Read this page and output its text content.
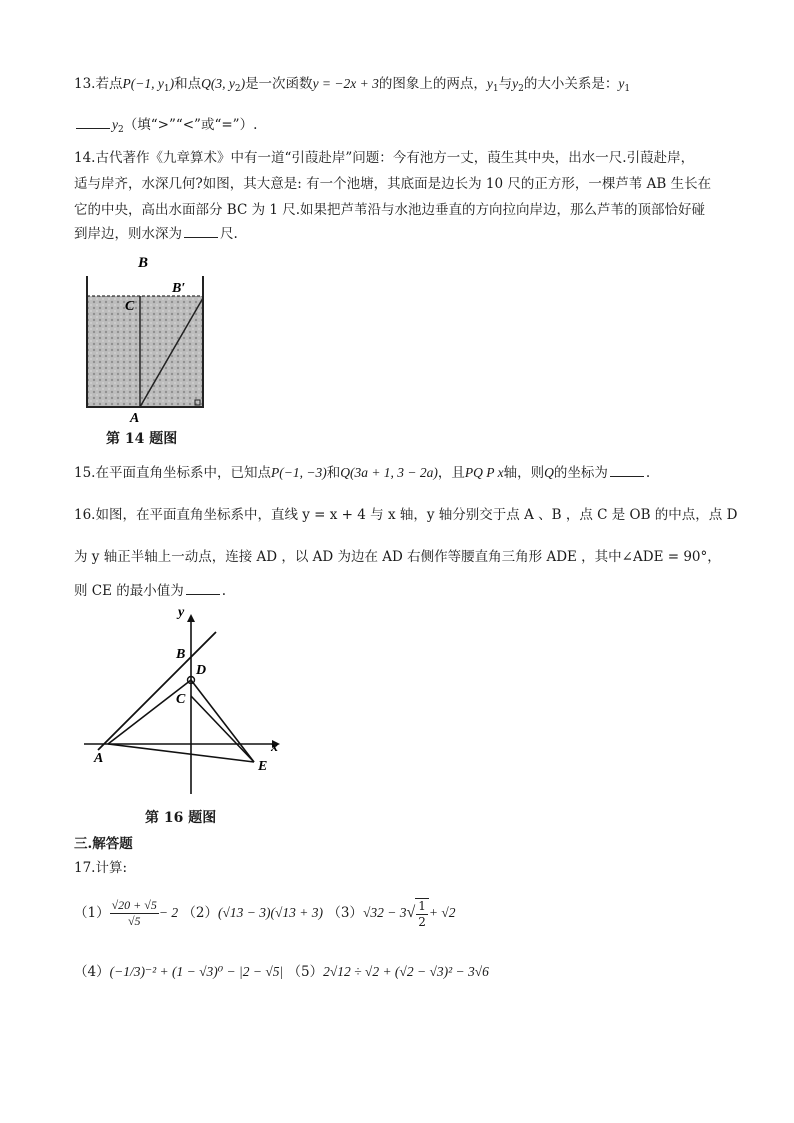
13.若点P(−1, $y_1$)和点Q(3, $y_2$)是一次函数y = −2x + 3的图象上的两点，$y_1$与$y_2$的大小关系是：$y_1$
$y_2$（填“>”“<”或“=”）.
14.古代著作《九章算术》中有一道“引葭赴岸”问题：今有池方一丈，葭生其中央，出水一尺.引葭赴岸，
适与岸齐，水深几何?如图，其大意是: 有一个池塘，其底面是边长为 10 尺的正方形，一棵芦苇 AB 生长在
它的中央，高出水面部分 BC 为 1 尺.如果把芦苇沿与水池边垂直的方向拉向岸边，那么芦苇的顶部恰好碰
到岸边，则水深为	尺.
B
B′
C
A
第 14 题图
15.在平面直角坐标系中，已知点P(−1, −3)和Q(3a + 1, 3 − 2a)，且PQ P x轴，则Q的坐标为	.
16.如图，在平面直角坐标系中，直线 y = x + 4 与 x 轴，y 轴分别交于点 A 、B ，点 C 是 OB 的中点，点 D
为 y 轴正半轴上一动点，连接 AD ，以 AD 为边在 AD 右侧作等腰直角三角形 ADE ，其中∠ADE = 90°，
则 CE 的最小值为	.
y
x
B
D
C
A
E
第 16 题图
三.解答题
17.计算:
$(1) \frac{√20 + √5}{√5} - 2$ （2）(√13 − 3)(√13 + 3) $(3)√32 - 3√ \frac{1}{2} + √2$
（4）(−1/3)⁻² + (1 − √3)⁰ − |2 − √5| （5）2√12 ÷ √2 + (√2 − √3)² − 3√6
